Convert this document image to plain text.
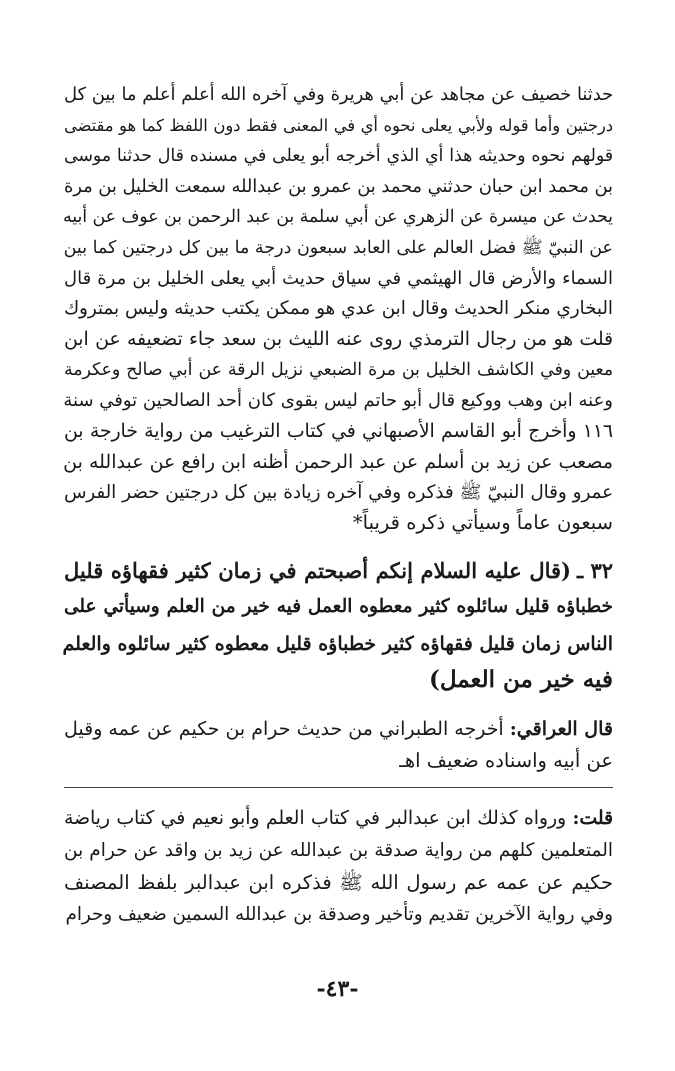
حدثنا خصيف عن مجاهد عن أبي هريرة وفي آخره الله أعلم أعلم ما بين كل

درجتين وأما قوله ولأبي يعلى نحوه أي في المعنى فقط دون اللفظ كما هو مقتضى

قولهم نحوه وحديثه هذا أي الذي أخرجه أبو يعلى في مسنده قال حدثنا موسى

بن محمد ابن حبان حدثني محمد بن عمرو بن عبدالله سمعت الخليل بن مرة

يحدث عن ميسرة عن الزهري عن أبي سلمة بن عبد الرحمن بن عوف عن أبيه

عن النبيّ ﷺ فضل العالم على العابد سبعون درجة ما بين كل درجتين كما بين

السماء والأرض قال الهيثمي في سياق حديث أبي يعلى الخليل بن مرة قال

البخاري منكر الحديث وقال ابن عدي هو ممكن يكتب حديثه وليس بمتروك

قلت هو من رجال الترمذي روى عنه الليث بن سعد جاء تضعيفه عن ابن

معين وفي الكاشف الخليل بن مرة الضبعي نزيل الرقة عن أبي صالح وعكرمة

وعنه ابن وهب ووكيع قال أبو حاتم ليس بقوى كان أحد الصالحين توفي سنة

١١٦ وأخرج أبو القاسم الأصبهاني في كتاب الترغيب من رواية خارجة بن

مصعب عن زيد بن أسلم عن عبد الرحمن أظنه ابن رافع عن عبدالله بن

عمرو وقال النبيّ ﷺ فذكره وفي آخره زيادة بين كل درجتين حضر الفرس

سبعون عاماً وسيأتي ذكره قريباً*

٣٢ ـ(قال عليه السلام إنكم أصبحتم في زمان كثير فقهاؤه قليل

خطباؤه قليل سائلوه كثير معطوه العمل فيه خير من العلم وسيأتي على

الناس زمان قليل فقهاؤه كثير خطباؤه قليل معطوه كثير سائلوه والعلم

فيه خير من العمل)

قال العراقي: أخرجه الطبراني من حديث حرام بن حكيم عن عمه وقيل

عن أبيه واسناده ضعيف اهـ

قلت: ورواه كذلك ابن عبدالبر في كتاب العلم وأبو نعيم في كتاب رياضة

المتعلمين كلهم من رواية صدقة بن عبدالله عن زيد بن واقد عن حرام بن

حكيم عن عمه عم رسول الله ﷺ فذكره ابن عبدالبر بلفظ المصنف

وفي رواية الآخرين تقديم وتأخير وصدقة بن عبدالله السمين ضعيف وحرام

-٤٣-
